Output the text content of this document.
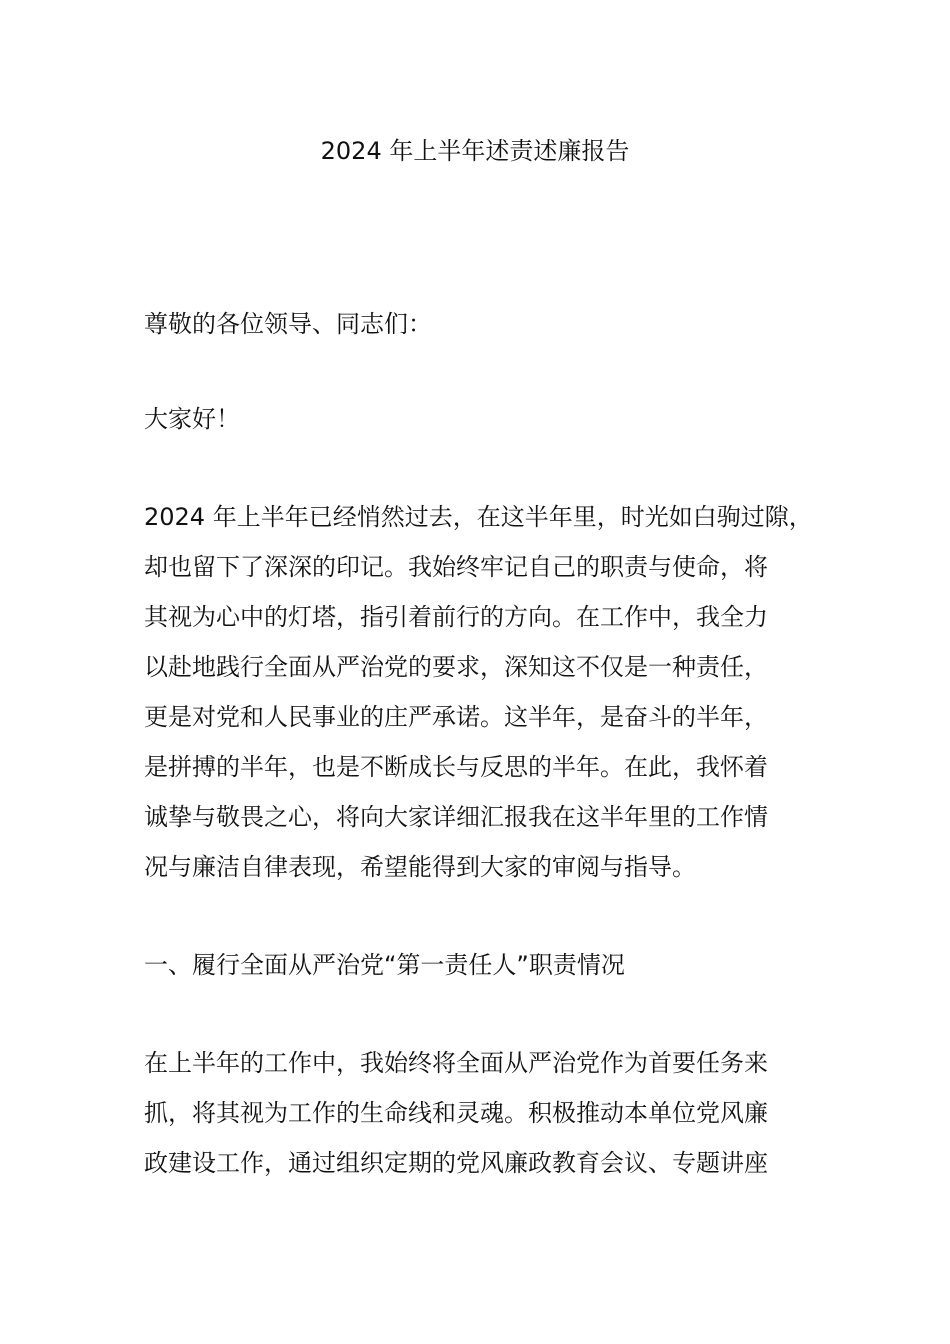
2024 年上半年述责述廉报告

尊敬的各位领导、同志们：

大家好！

2024 年上半年已经悄然过去，在这半年里，时光如白驹过隙，
却也留下了深深的印记。我始终牢记自己的职责与使命，将
其视为心中的灯塔，指引着前行的方向。在工作中，我全力
以赴地践行全面从严治党的要求，深知这不仅是一种责任，
更是对党和人民事业的庄严承诺。这半年，是奋斗的半年，
是拼搏的半年，也是不断成长与反思的半年。在此，我怀着
诚挚与敬畏之心，将向大家详细汇报我在这半年里的工作情
况与廉洁自律表现，希望能得到大家的审阅与指导。

一、履行全面从严治党“第一责任人”职责情况

在上半年的工作中，我始终将全面从严治党作为首要任务来
抓，将其视为工作的生命线和灵魂。积极推动本单位党风廉
政建设工作，通过组织定期的党风廉政教育会议、专题讲座
